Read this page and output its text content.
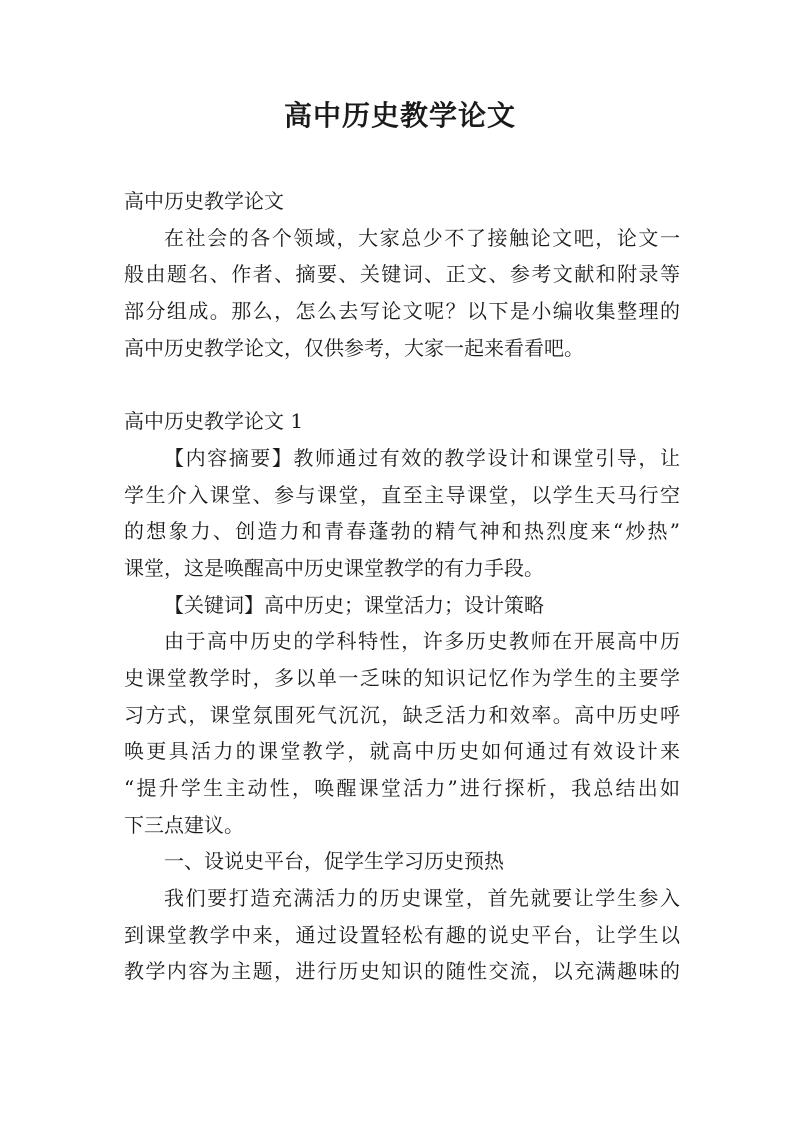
高中历史教学论文
高中历史教学论文
在社会的各个领域，大家总少不了接触论文吧，论文一
般由题名、作者、摘要、关键词、正文、参考文献和附录等
部分组成。那么，怎么去写论文呢？以下是小编收集整理的
高中历史教学论文，仅供参考，大家一起来看看吧。
高中历史教学论文 1
【内容摘要】教师通过有效的教学设计和课堂引导，让
学生介入课堂、参与课堂，直至主导课堂，以学生天马行空
的想象力、创造力和青春蓬勃的精气神和热烈度来“炒热”
课堂，这是唤醒高中历史课堂教学的有力手段。
【关键词】高中历史；课堂活力；设计策略
由于高中历史的学科特性，许多历史教师在开展高中历
史课堂教学时，多以单一乏味的知识记忆作为学生的主要学
习方式，课堂氛围死气沉沉，缺乏活力和效率。高中历史呼
唤更具活力的课堂教学，就高中历史如何通过有效设计来
“提升学生主动性，唤醒课堂活力”进行探析，我总结出如
下三点建议。
一、设说史平台，促学生学习历史预热
我们要打造充满活力的历史课堂，首先就要让学生参入
到课堂教学中来，通过设置轻松有趣的说史平台，让学生以
教学内容为主题，进行历史知识的随性交流，以充满趣味的
